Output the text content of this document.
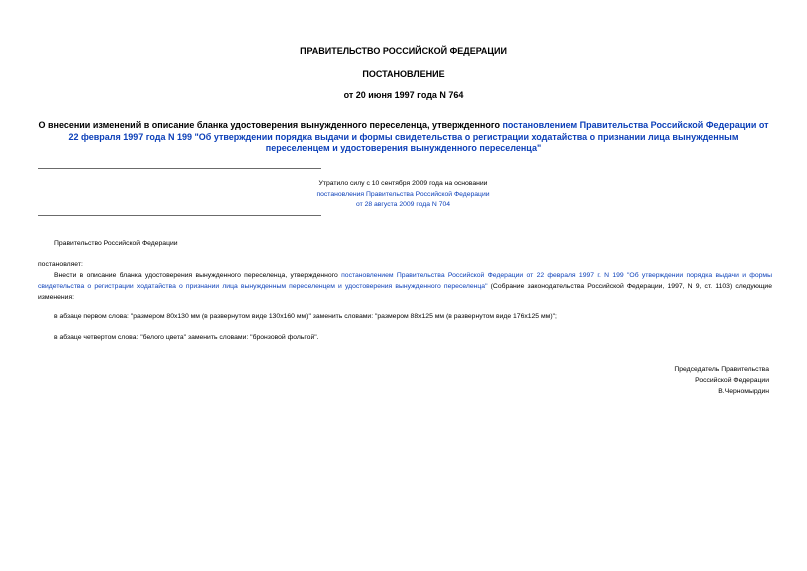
ПРАВИТЕЛЬСТВО РОССИЙСКОЙ ФЕДЕРАЦИИ
ПОСТАНОВЛЕНИЕ
от 20 июня 1997 года N 764
О внесении изменений в описание бланка удостоверения вынужденного переселенца, утвержденного постановлением Правительства Российской Федерации от 22 февраля 1997 года N 199 "Об утверждении порядка выдачи и формы свидетельства о регистрации ходатайства о признании лица вынужденным переселенцем и удостоверения вынужденного переселенца"
Утратило силу с 10 сентября 2009 года на основании
постановления Правительства Российской Федерации
от 28 августа 2009 года N 704
Правительство Российской Федерации
постановляет:
Внести в описание бланка удостоверения вынужденного переселенца, утвержденного постановлением Правительства Российской Федерации от 22 февраля 1997 г. N 199 "Об утверждении порядка выдачи и формы свидетельства о регистрации ходатайства о признании лица вынужденным переселенцем и удостоверения вынужденного переселенца" (Собрание законодательства Российской Федерации, 1997, N 9, ст. 1103) следующие изменения:
в абзаце первом слова: "размером 80x130 мм (в развернутом виде 130x160 мм)" заменить словами: "размером 88x125 мм (в развернутом виде 176x125 мм)";
в абзаце четвертом слова: "белого цвета" заменить словами: "бронзовой фольгой".
Председатель Правительства
Российской Федерации
В.Черномырдин
